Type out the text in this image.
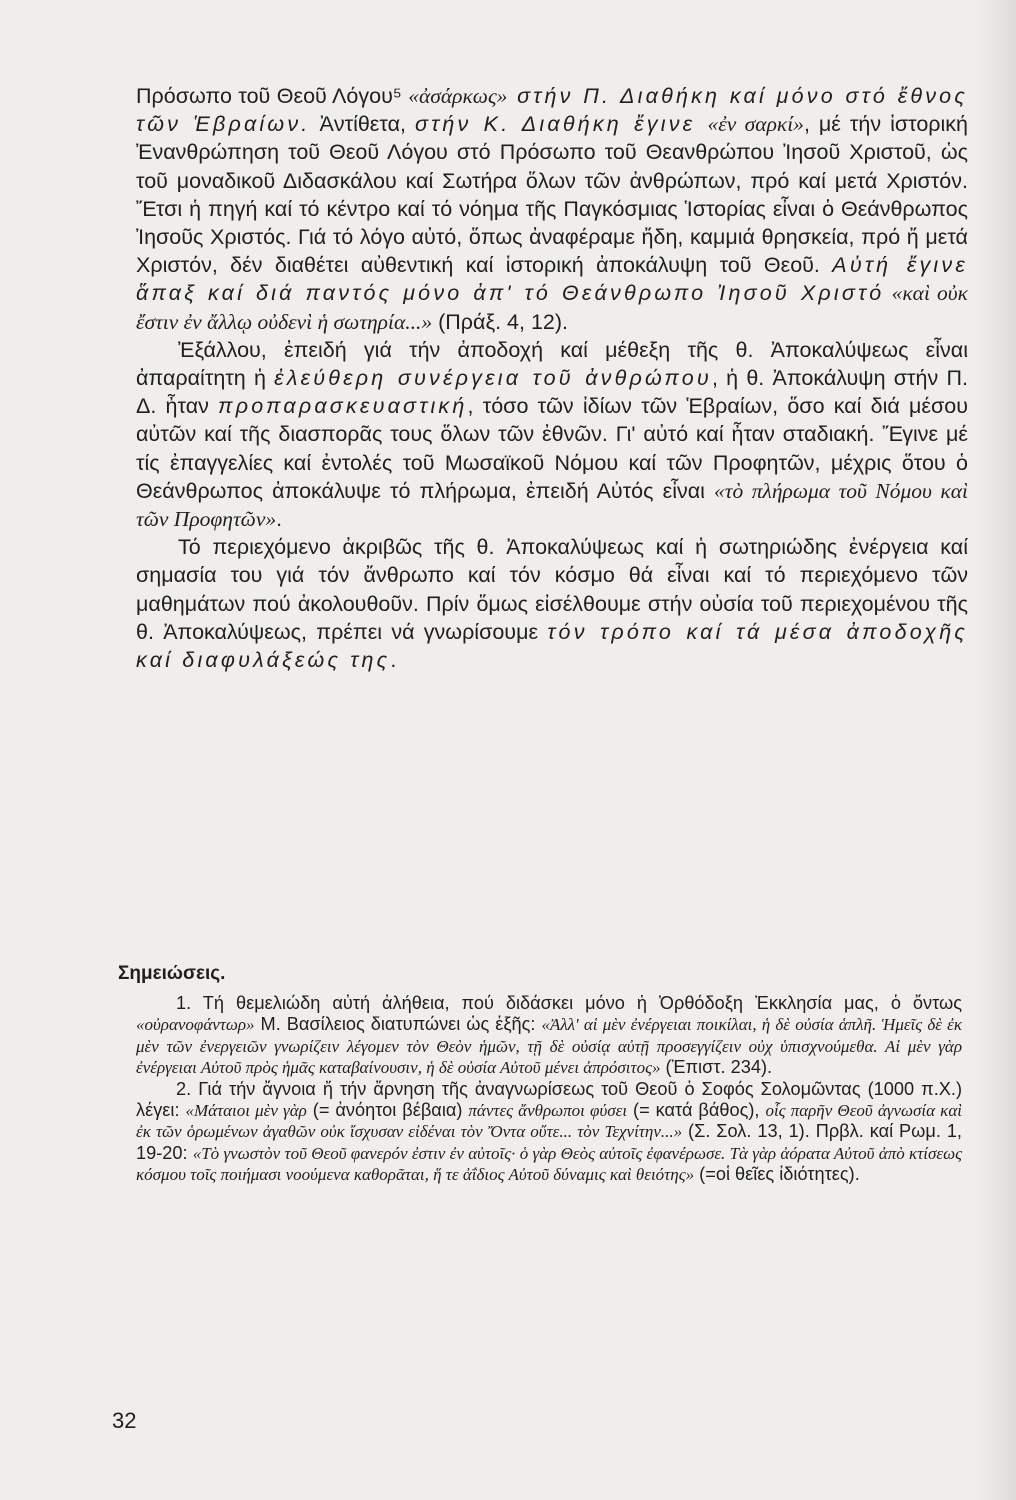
Πρόσωπο τοῦ Θεοῦ Λόγου⁵ «ἀσάρκως» στήν Π. Διαθήκη καί μόνο στό ἔθνος τῶν Ἑβραίων. Ἀντίθετα, στήν Κ. Διαθήκη ἔγινε «ἐν σαρκί», μέ τήν ἱστορική Ἐνανθρώπηση τοῦ Θεοῦ Λόγου στό Πρόσωπο τοῦ Θεανθρώπου Ἰησοῦ Χριστοῦ, ὡς τοῦ μοναδικοῦ Διδασκάλου καί Σωτήρα ὅλων τῶν ἀνθρώπων, πρό καί μετά Χριστόν. Ἔτσι ἡ πηγή καί τό κέντρο καί τό νόημα τῆς Παγκόσμιας Ἱστορίας εἶναι ὁ Θεάνθρωπος Ἰησοῦς Χριστός. Γιά τό λόγο αὐτό, ὅπως ἀναφέραμε ἤδη, καμμιά θρησκεία, πρό ἤ μετά Χριστόν, δέν διαθέτει αὐθεντική καί ἱστορική ἀποκάλυψη τοῦ Θεοῦ. Αὐτή ἔγινε ἅπαξ καί διά παντός μόνο ἀπ' τό Θεάνθρωπο Ἰησοῦ Χριστό «καὶ οὐκ ἔστιν ἐν ἄλλῳ οὐδενὶ ἡ σωτηρία...» (Πράξ. 4, 12).

Ἐξάλλου, ἐπειδή γιά τήν ἀποδοχή καί μέθεξη τῆς θ. Ἀποκαλύψεως εἶναι ἀπαραίτητη ἡ ἐλεύθερη συνέργεια τοῦ ἀνθρώπου, ἡ θ. Ἀποκάλυψη στήν Π. Δ. ἦταν προπαρασκευαστική, τόσο τῶν ἰδίων τῶν Ἑβραίων, ὅσο καί διά μέσου αὐτῶν καί τῆς διασπορᾶς τους ὅλων τῶν ἐθνῶν. Γι' αὐτό καί ἦταν σταδιακή. Ἔγινε μέ τίς ἐπαγγελίες καί ἐντολές τοῦ Μωσαϊκοῦ Νόμου καί τῶν Προφητῶν, μέχρις ὅτου ὁ Θεάνθρωπος ἀποκάλυψε τό πλήρωμα, ἐπειδή Αὐτός εἶναι «τὸ πλήρωμα τοῦ Νόμου καὶ τῶν Προφητῶν».

Τό περιεχόμενο ἀκριβῶς τῆς θ. Ἀποκαλύψεως καί ἡ σωτηριώδης ἐνέργεια καί σημασία του γιά τόν ἄνθρωπο καί τόν κόσμο θά εἶναι καί τό περιεχόμενο τῶν μαθημάτων πού ἀκολουθοῦν. Πρίν ὅμως εἰσέλθουμε στήν οὐσία τοῦ περιεχομένου τῆς θ. Ἀποκαλύψεως, πρέπει νά γνωρίσουμε τόν τρόπο καί τά μέσα ἀποδοχῆς καί διαφυλάξεώς της.

Σημειώσεις.

1. Τή θεμελιώδη αὐτή ἀλήθεια, πού διδάσκει μόνο ἡ Ὀρθόδοξη Ἐκκλησία μας, ὁ ὄντως «οὐρανοφάντωρ» Μ. Βασίλειος διατυπώνει ὡς ἑξῆς: «Ἀλλ' αἱ μὲν ἐνέργειαι ποικίλαι, ἡ δὲ οὐσία ἁπλῆ. Ἡμεῖς δὲ ἐκ μὲν τῶν ἐνεργειῶν γνωρίζειν λέγομεν τὸν Θεὸν ἡμῶν, τῇ δὲ οὐσίᾳ αὐτῇ προσεγγίζειν οὐχ ὑπισχνούμεθα. Αἱ μὲν γὰρ ἐνέργειαι Αὐτοῦ πρὸς ἡμᾶς καταβαίνουσιν, ἡ δὲ οὐσία Αὐτοῦ μένει ἀπρόσιτος» (Ἐπιστ. 234).

2. Γιά τήν ἄγνοια ἤ τήν ἄρνηση τῆς ἀναγνωρίσεως τοῦ Θεοῦ ὁ Σοφός Σολομῶντας (1000 π.Χ.) λέγει: «Μάταιοι μὲν γὰρ (= ἀνόητοι βέβαια) πάντες ἄνθρωποι φύσει (= κατά βάθος), οἷς παρῆν Θεοῦ ἀγνωσία καὶ ἐκ τῶν ὁρωμένων ἀγαθῶν οὐκ ἴσχυσαν εἰδέναι τὸν Ὄντα οὔτε... τὸν Τεχνίτην...» (Σ. Σολ. 13, 1). Πρβλ. καί Ρωμ. 1, 19-20: «Τὸ γνωστὸν τοῦ Θεοῦ φανερόν ἐστιν ἐν αὐτοῖς· ὁ γὰρ Θεὸς αὐτοῖς ἐφανέρωσε. Τὰ γὰρ ἀόρατα Αὐτοῦ ἀπὸ κτίσεως κόσμου τοῖς ποιήμασι νοούμενα καθορᾶται, ἥ τε ἀΐδιος Αὐτοῦ δύναμις καὶ θειότης» (=οἱ θεῖες ἰδιότητες).

32
